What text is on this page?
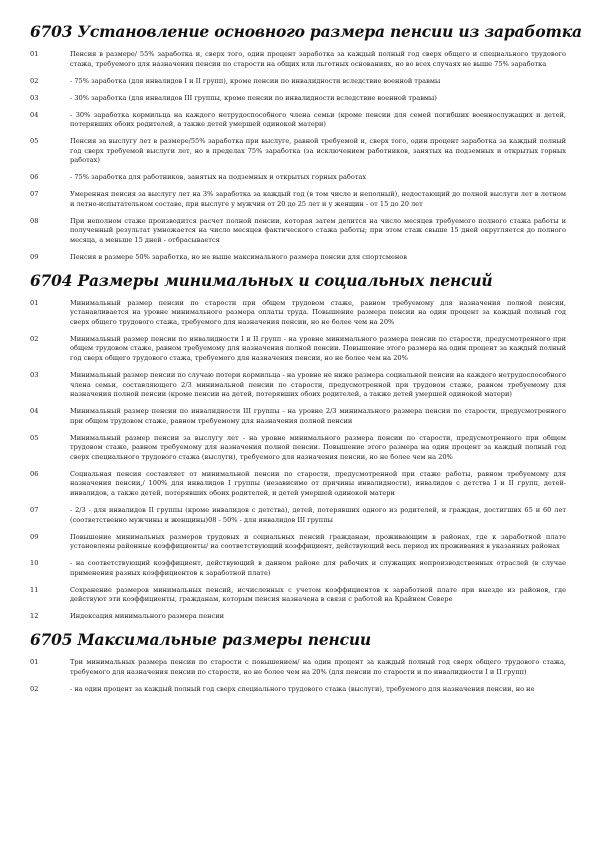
6703 Установление основного размера пенсии из заработка
01	Пенсия в размере/ 55% заработка и, сверх того, один процент заработка за каждый полный год сверх общего и специального трудового стажа, требуемого для назначения пенсии по старости на общих или льготных основаниях, но во всех случаях не выше 75% заработка
02	- 75% заработка (для инвалидов I и II групп), кроме пенсии по инвалидности вследствие военной травмы
03	- 30% заработка (для инвалидов III группы, кроме пенсии по инвалидности вследствие военной травмы)
04	- 30% заработка кормильца на каждого нетрудоспособного члена семьи (кроме пенсии для семей погибших военнослужащих и детей, потерявших обоих родителей, а также детей умершей одинокой матери)
05	Пенсия за выслугу лет в размере/55% заработка при выслуге, равной требуемой и, сверх того, один процент заработка за каждый полный год сверх требуемой выслуги лет, но в пределах 75% заработка (за исключением работников, занятых на подземных и открытых горных работах)
06	- 75% заработка для работников, занятых на подземных и открытых горных работах
07	Умеренная пенсия за выслугу лет на 3% заработка за каждый год (в том числе и неполный), недостающий до полной выслуги лет в летном и летно-испытательном составе, при выслуге у мужчин от 20 до 25 лет и у женщин - от 15 до 20 лет
08	При неполном стаже производится расчет полной пенсии, которая затем делится на число месяцев требуемого полного стажа работы и полученный результат умножается на число месяцев фактического стажа работы; при этом стаж свыше 15 дней округляется до полного месяца, а меньше 15 дней - отбрасывается
09	Пенсия в размере 50% заработка, но не выше максимального размера пенсии для спортсменов
6704 Размеры минимальных и социальных пенсий
01	Минимальный размер пенсии по старости при общем трудовом стаже, равном требуемому для назначения полной пенсии, устанавливается на уровне минимального размера оплаты труда. Повышение размера пенсии на один процент за каждый полный год сверх общего трудового стажа, требуемого для назначения пенсии, но не более чем на 20%
02	Минимальный размер пенсии по инвалидности I и II групп - на уровне минимального размера пенсии по старости, предусмотренного при общем трудовом стаже, равном требуемому для назначения полной пенсии. Повышение этого размера на один процент за каждый полный год сверх общего трудового стажа, требуемого для назначения пенсии, но не более чем на 20%
03	Минимальный размер пенсии по случаю потери кормильца - на уровне не ниже размера социальной пенсии на каждого нетрудоспособного члена семьи, составляющего 2/3 минимальной пенсии по старости, предусмотренной при трудовом стаже, равном требуемому для назначения полной пенсии (кроме пенсии на детей, потерявших обоих родителей, а также детей умершей одинокой матери)
04	Минимальный размер пенсии по инвалидности III группы - на уровне 2/3 минимального размера пенсии по старости, предусмотренного при общем трудовом стаже, равном требуемому для назначения полной пенсии
05	Минимальный размер пенсии за выслугу лет - на уровне минимального размера пенсии по старости, предусмотренного при общем трудовом стаже, равном требуемому для назначения полной пенсии. Повышение этого размера на один процент за каждый полный год сверх специального трудового стажа (выслуги), требуемого для назначения пенсии, но не более чем на 20%
06	Социальная пенсия составляет от минимальной пенсии по старости, предусмотренной при стаже работы, равном требуемому для назначения пенсии,/ 100% для инвалидов I группы (независимо от причины инвалидности), инвалидов с детства I и II групп, детей-инвалидов, а также детей, потерявших обоих родителей, и детей умершей одинокой матери
07	- 2/3 - для инвалидов II группы (кроме инвалидов с детства), детей, потерявших одного из родителей, и граждан, достигших 65 и 60 лет (соответственно мужчины и женщины)08 - 50% - для инвалидов III группы
09	Повышение минимальных размеров трудовых и социальных пенсий гражданам, проживающим в районах, где к заработной плате установлены районные коэффициенты/ на соответствующий коэффициент, действующий весь период их проживания в указанных районах
10	- на соответствующий коэффициент, действующий в данном районе для рабочих и служащих непроизводственных отраслей (в случае применения разных коэффициентов к заработной плате)
11	Сохранение размеров минимальных пенсий, исчисленных с учетом коэффициентов к заработной плате при выезде из районов, где действуют эти коэффициенты, гражданам, которым пенсия назначена в связи с работой на Крайнем Севере
12	Индексация минимального размера пенсии
6705 Максимальные размеры пенсии
01	Три минимальных размера пенсии по старости с повышением/ на один процент за каждый полный год сверх общего трудового стажа, требуемого для назначения пенсии по старости, но не более чем на 20% (для пенсии по старости и по инвалидности I и II групп)
02	- на один процент за каждый полный год сверх специального трудового стажа (выслуги), требуемого для назначения пенсии, но не
